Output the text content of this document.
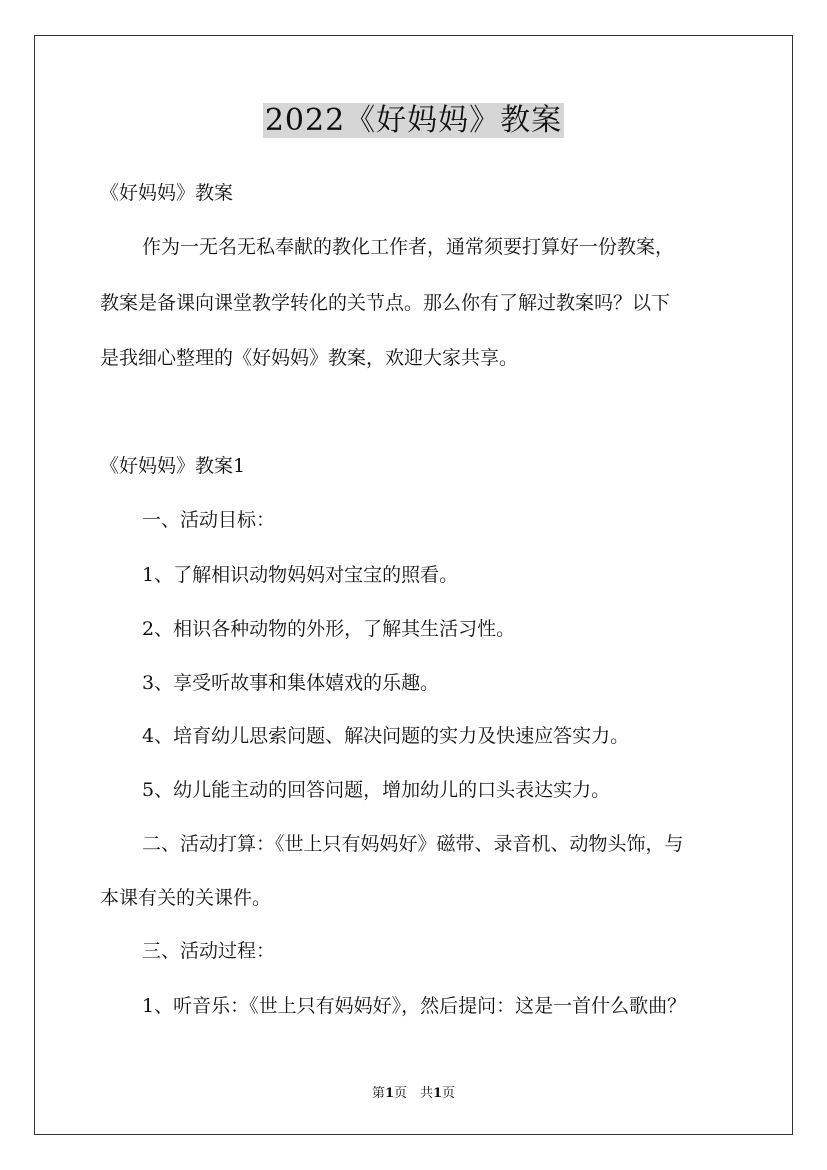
2022《好妈妈》教案
《好妈妈》教案
作为一无名无私奉献的教化工作者，通常须要打算好一份教案，
教案是备课向课堂教学转化的关节点。那么你有了解过教案吗？以下
是我细心整理的《好妈妈》教案，欢迎大家共享。
《好妈妈》教案1
一、活动目标：
1、了解相识动物妈妈对宝宝的照看。
2、相识各种动物的外形，了解其生活习性。
3、享受听故事和集体嬉戏的乐趣。
4、培育幼儿思索问题、解决问题的实力及快速应答实力。
5、幼儿能主动的回答问题，增加幼儿的口头表达实力。
二、活动打算：《世上只有妈妈好》磁带、录音机、动物头饰，与
本课有关的关课件。
三、活动过程：
1、听音乐：《世上只有妈妈好》，然后提问：这是一首什么歌曲？
第1页　共1页
